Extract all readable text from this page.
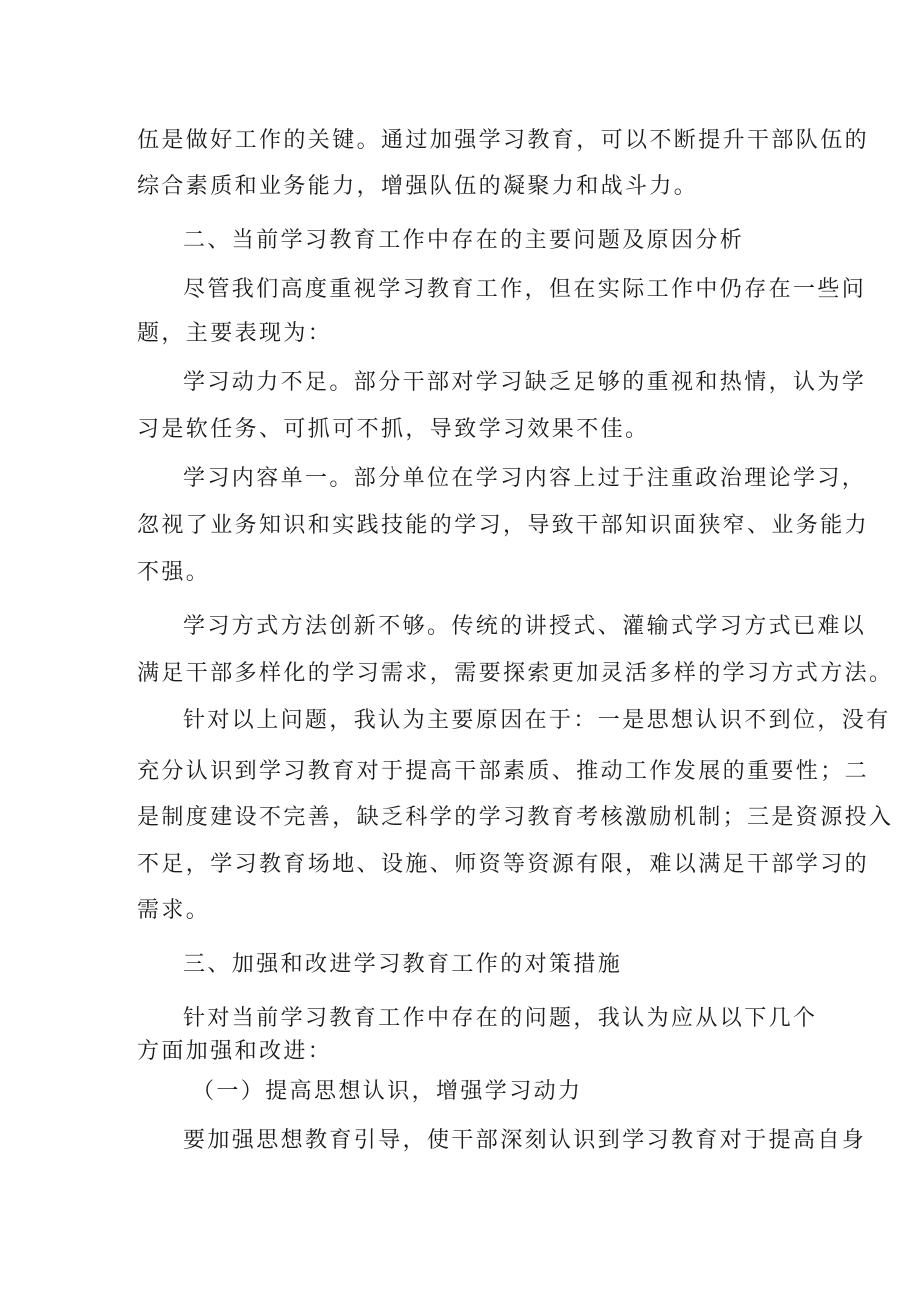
伍是做好工作的关键。通过加强学习教育，可以不断提升干部队伍的
综合素质和业务能力，增强队伍的凝聚力和战斗力。
二、当前学习教育工作中存在的主要问题及原因分析
尽管我们高度重视学习教育工作，但在实际工作中仍存在一些问
题，主要表现为：
学习动力不足。部分干部对学习缺乏足够的重视和热情，认为学
习是软任务、可抓可不抓，导致学习效果不佳。
学习内容单一。部分单位在学习内容上过于注重政治理论学习，
忽视了业务知识和实践技能的学习，导致干部知识面狭窄、业务能力
不强。
学习方式方法创新不够。传统的讲授式、灌输式学习方式已难以
满足干部多样化的学习需求，需要探索更加灵活多样的学习方式方法。
针对以上问题，我认为主要原因在于：一是思想认识不到位，没有
充分认识到学习教育对于提高干部素质、推动工作发展的重要性；二
是制度建设不完善，缺乏科学的学习教育考核激励机制；三是资源投入
不足，学习教育场地、设施、师资等资源有限，难以满足干部学习的
需求。
三、加强和改进学习教育工作的对策措施
针对当前学习教育工作中存在的问题，我认为应从以下几个
方面加强和改进：
（一）提高思想认识，增强学习动力
要加强思想教育引导，使干部深刻认识到学习教育对于提高自身
